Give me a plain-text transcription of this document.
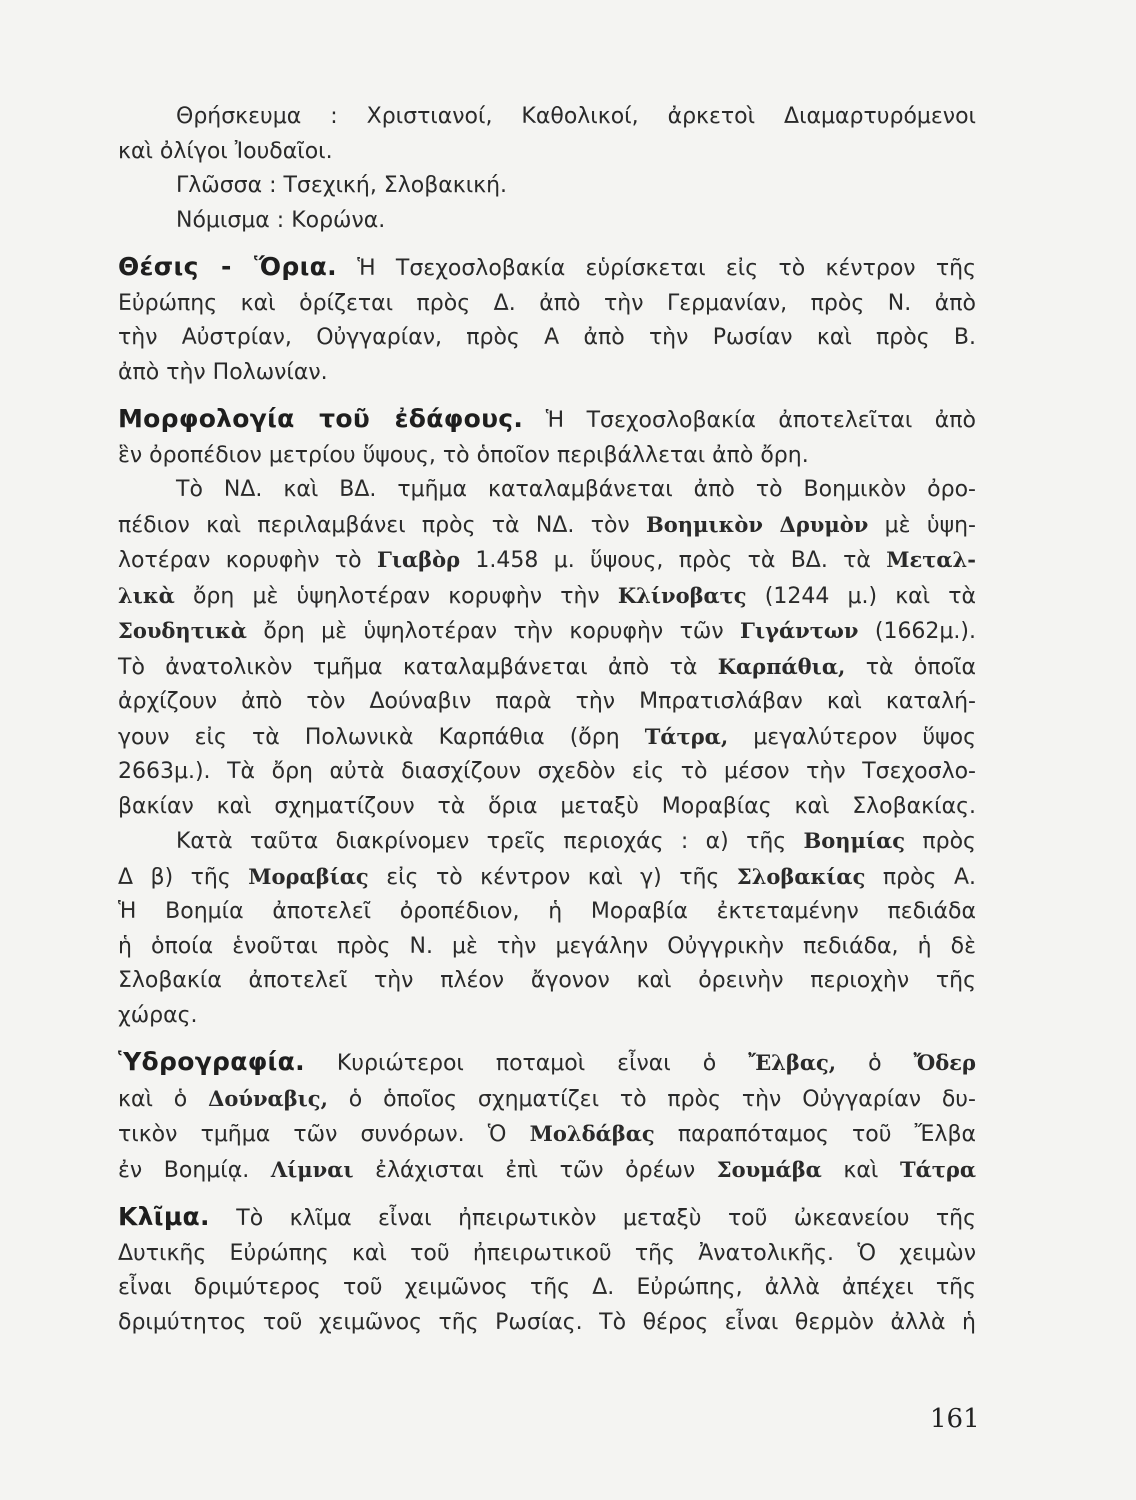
Θρήσκευμα : Χριστιανοί, Καθολικοί, ἀρκετοὶ Διαμαρτυρόμενοι
καὶ ὀλίγοι Ἰουδαῖοι.
Γλῶσσα : Τσεχική, Σλοβακική.
Νόμισμα : Κορώνα.
Θέσις - Ὅρια. Ἡ Τσεχοσλοβακία εὑρίσκεται εἰς τὸ κέντρον τῆς
Εὐρώπης καὶ ὁρίζεται πρὸς Δ. ἀπὸ τὴν Γερμανίαν, πρὸς Ν. ἀπὸ
τὴν Αὐστρίαν, Οὐγγαρίαν, πρὸς Α ἀπὸ τὴν Ρωσίαν καὶ πρὸς Β.
ἀπὸ τὴν Πολωνίαν.
Μορφολογία τοῦ ἐδάφους. Ἡ Τσεχοσλοβακία ἀποτελεῖται ἀπὸ
ἓν ὀροπέδιον μετρίου ὕψους, τὸ ὁποῖον περιβάλλεται ἀπὸ ὄρη.
Τὸ ΝΔ. καὶ ΒΔ. τμῆμα καταλαμβάνεται ἀπὸ τὸ Βοημικὸν ὀρο-
πέδιον καὶ περιλαμβάνει πρὸς τὰ ΝΔ. τὸν Βοημικὸν Δρυμὸν μὲ ὑψη-
λοτέραν κορυφὴν τὸ Γιαβὸρ 1.458 μ. ὕψους, πρὸς τὰ ΒΔ. τὰ Μεταλ-
λικὰ ὄρη μὲ ὑψηλοτέραν κορυφὴν τὴν Κλίνοβατς (1244 μ.) καὶ τὰ
Σουδητικὰ ὄρη μὲ ὑψηλοτέραν τὴν κορυφὴν τῶν Γιγάντων (1662μ.).
Τὸ ἀνατολικὸν τμῆμα καταλαμβάνεται ἀπὸ τὰ Καρπάθια, τὰ ὁποῖα
ἀρχίζουν ἀπὸ τὸν Δούναβιν παρὰ τὴν Μπρατισλάβαν καὶ καταλή-
γουν εἰς τὰ Πολωνικὰ Καρπάθια (ὄρη Τάτρα, μεγαλύτερον ὕψος
2663μ.). Τὰ ὄρη αὐτὰ διασχίζουν σχεδὸν εἰς τὸ μέσον τὴν Τσεχοσλο-
βακίαν καὶ σχηματίζουν τὰ ὅρια μεταξὺ Μοραβίας καὶ Σλοβακίας.
Κατὰ ταῦτα διακρίνομεν τρεῖς περιοχάς : α) τῆς Βοημίας πρὸς
Δ β) τῆς Μοραβίας εἰς τὸ κέντρον καὶ γ) τῆς Σλοβακίας πρὸς Α.
Ἡ Βοημία ἀποτελεῖ ὀροπέδιον, ἡ Μοραβία ἐκτεταμένην πεδιάδα
ἡ ὁποία ἑνοῦται πρὸς Ν. μὲ τὴν μεγάλην Οὐγγρικὴν πεδιάδα, ἡ δὲ
Σλοβακία ἀποτελεῖ τὴν πλέον ἄγονον καὶ ὀρεινὴν περιοχὴν τῆς
χώρας.
Ὑδρογραφία. Κυριώτεροι ποταμοὶ εἶναι ὁ Ἔλβας, ὁ Ὄδερ
καὶ ὁ Δούναβις, ὁ ὁποῖος σχηματίζει τὸ πρὸς τὴν Οὐγγαρίαν δυ-
τικὸν τμῆμα τῶν συνόρων. Ὁ Μολδάβας παραπόταμος τοῦ Ἔλβα
ἐν Βοημίᾳ. Λίμναι ἐλάχισται ἐπὶ τῶν ὀρέων Σουμάβα καὶ Τάτρα
Κλῖμα. Τὸ κλῖμα εἶναι ἠπειρωτικὸν μεταξὺ τοῦ ὠκεανείου τῆς
Δυτικῆς Εὐρώπης καὶ τοῦ ἠπειρωτικοῦ τῆς Ἀνατολικῆς. Ὁ χειμὼν
εἶναι δριμύτερος τοῦ χειμῶνος τῆς Δ. Εὐρώπης, ἀλλὰ ἀπέχει τῆς
δριμύτητος τοῦ χειμῶνος τῆς Ρωσίας. Τὸ θέρος εἶναι θερμὸν ἀλλὰ ἡ
161
